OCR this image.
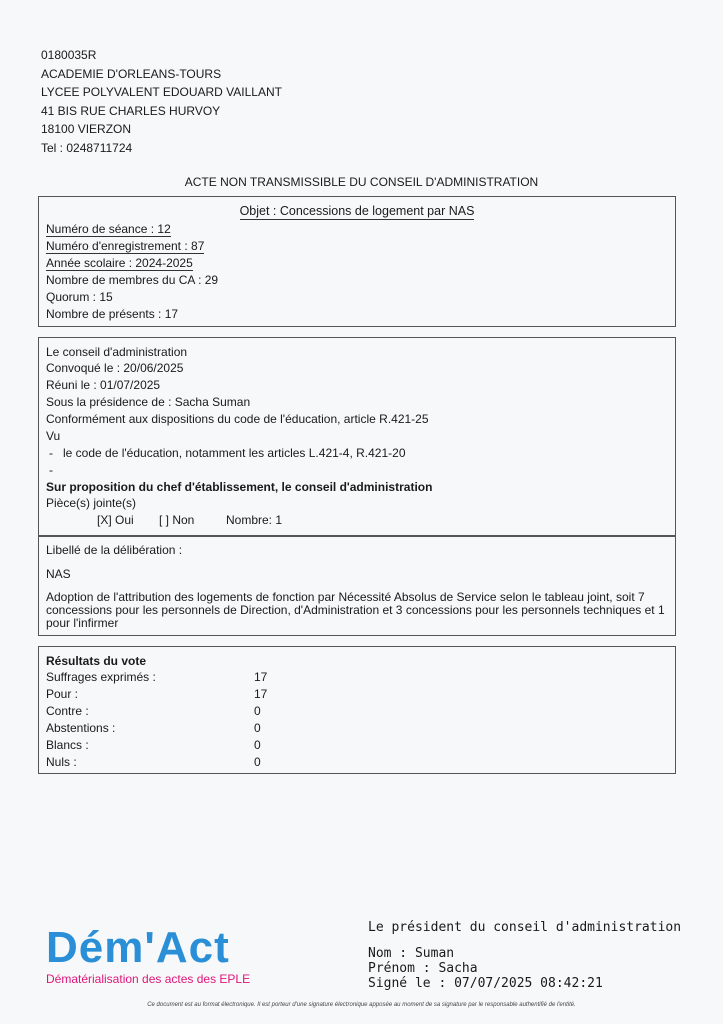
0180035R
ACADEMIE D'ORLEANS-TOURS
LYCEE POLYVALENT EDOUARD VAILLANT
41 BIS RUE CHARLES HURVOY
18100 VIERZON
Tel : 0248711724
ACTE NON TRANSMISSIBLE DU CONSEIL D'ADMINISTRATION
Objet : Concessions de logement par NAS
Numéro de séance : 12
Numéro d'enregistrement : 87
Année scolaire : 2024-2025
Nombre de membres du CA : 29
Quorum : 15
Nombre de présents : 17
Le conseil d'administration
Convoqué le : 20/06/2025
Réuni le : 01/07/2025
Sous la présidence de : Sacha Suman
Conformément aux dispositions du code de l'éducation, article R.421-25
Vu
- le code de l'éducation, notamment les articles L.421-4, R.421-20
-
Sur proposition du chef d'établissement, le conseil d'administration
Pièce(s) jointe(s)
[X] Oui [ ] Non	Nombre: 1
Libellé de la délibération :
NAS
Adoption de l'attribution des logements de fonction par Nécessité Absolus de Service selon le tableau joint, soit 7 concessions pour les personnels de Direction, d'Administration et 3 concessions pour les personnels techniques et 1 pour l'infirmer
Résultats du vote
Suffrages exprimés :	17
Pour :	17
Contre :	0
Abstentions :	0
Blancs :	0
Nuls :	0
Dém'Act
Dématérialisation des actes des EPLE
Le président du conseil d'administration
Nom : Suman
Prénom : Sacha
Signé le : 07/07/2025 08:42:21
Ce document est au format électronique. Il est porteur d'une signature électronique apposée au moment de sa signature par le responsable authentifié de l'entité.
